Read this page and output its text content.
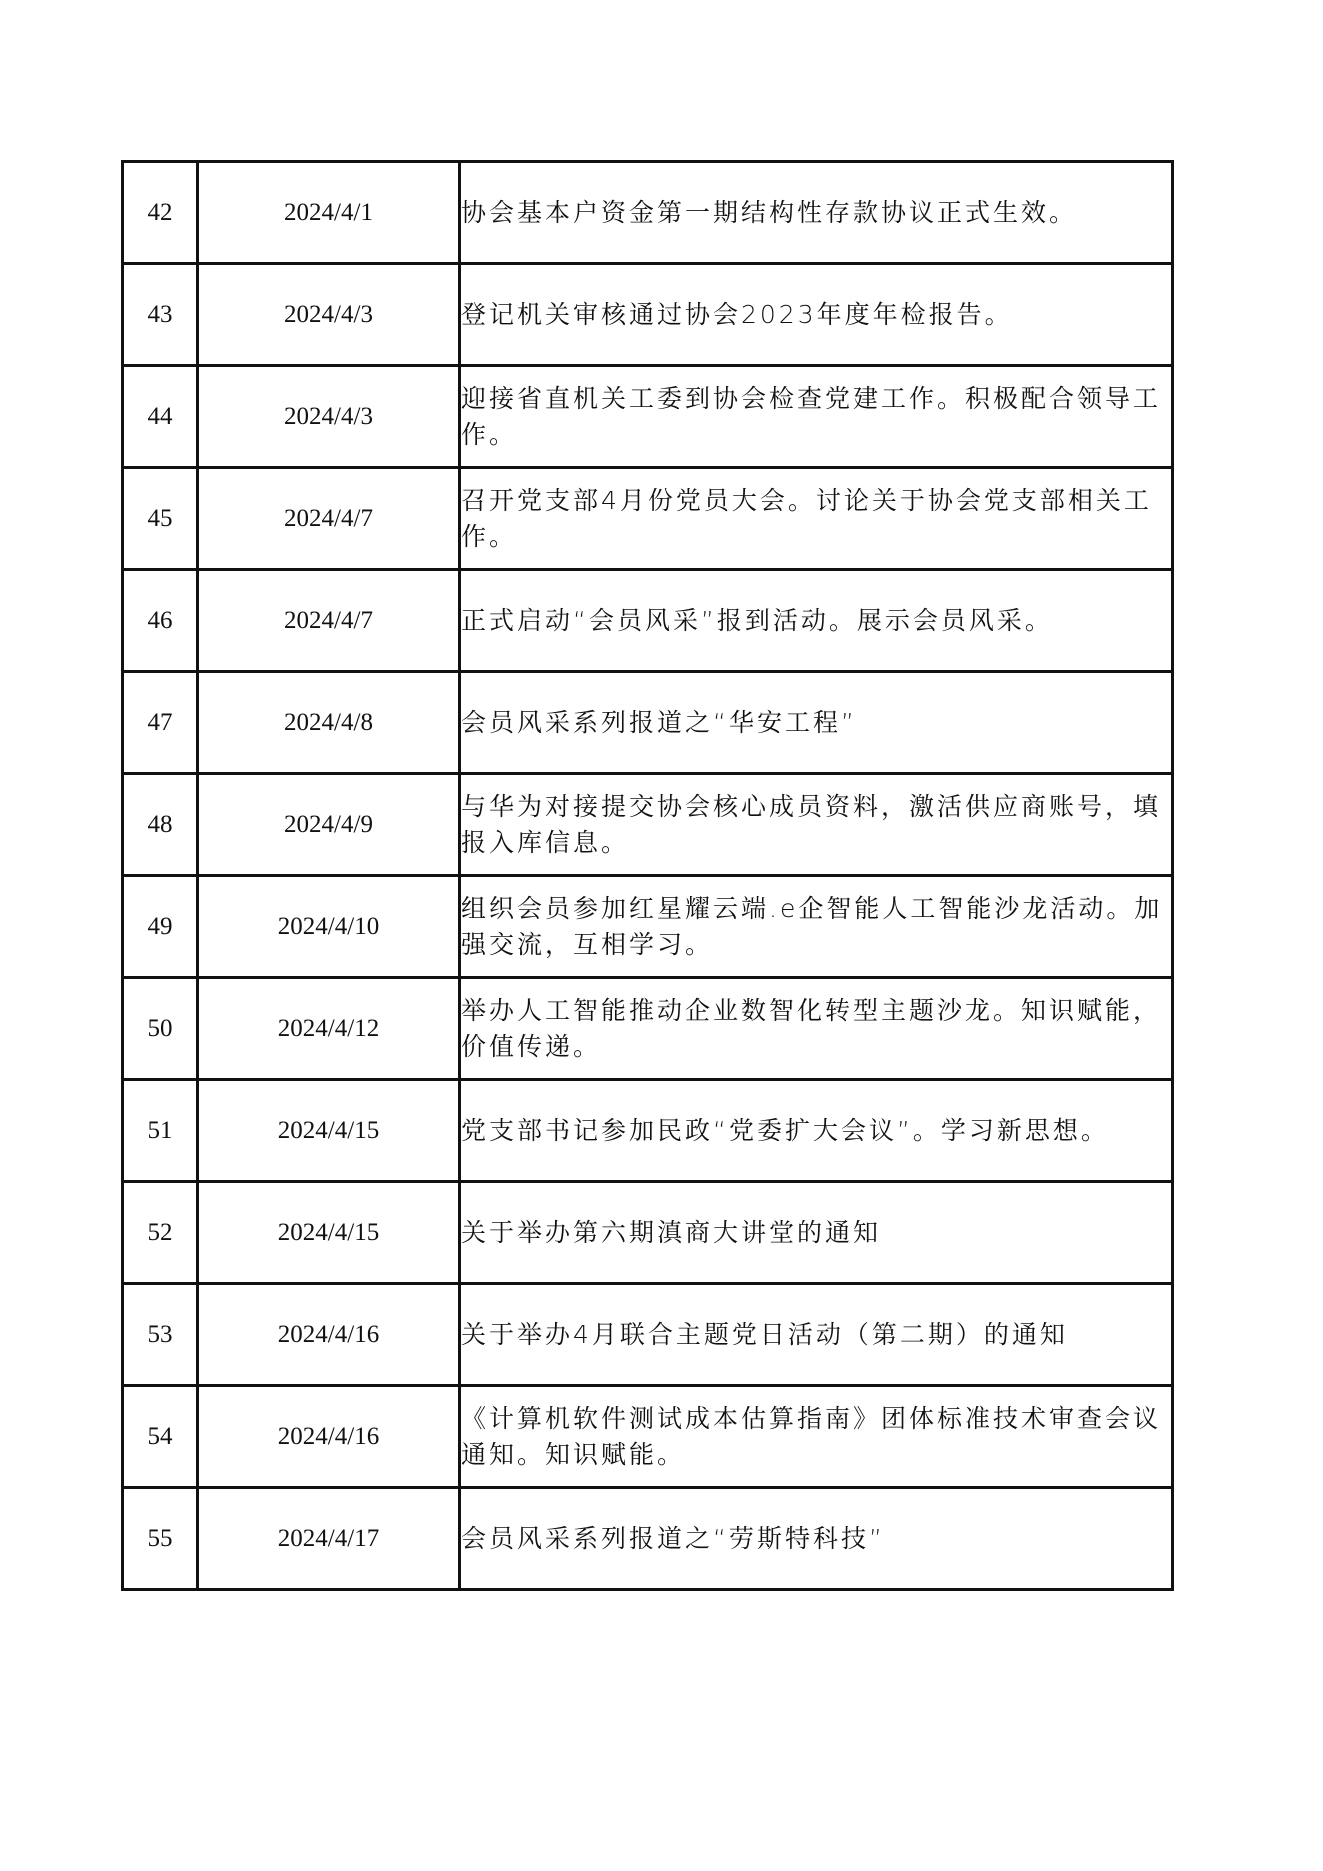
42	2024/4/1	协会基本户资金第一期结构性存款协议正式生效。
43	2024/4/3	登记机关审核通过协会2023年度年检报告。
44	2024/4/3	迎接省直机关工委到协会检查党建工作。积极配合领导工作。
45	2024/4/7	召开党支部4月份党员大会。讨论关于协会党支部相关工作。
46	2024/4/7	正式启动“会员风采”报到活动。展示会员风采。
47	2024/4/8	会员风采系列报道之“华安工程”
48	2024/4/9	与华为对接提交协会核心成员资料，激活供应商账号，填报入库信息。
49	2024/4/10	组织会员参加红星耀云端.e企智能人工智能沙龙活动。加强交流，互相学习。
50	2024/4/12	举办人工智能推动企业数智化转型主题沙龙。知识赋能，价值传递。
51	2024/4/15	党支部书记参加民政“党委扩大会议”。学习新思想。
52	2024/4/15	关于举办第六期滇商大讲堂的通知
53	2024/4/16	关于举办4月联合主题党日活动（第二期）的通知
54	2024/4/16	《计算机软件测试成本估算指南》团体标准技术审查会议通知。知识赋能。
55	2024/4/17	会员风采系列报道之“劳斯特科技”
